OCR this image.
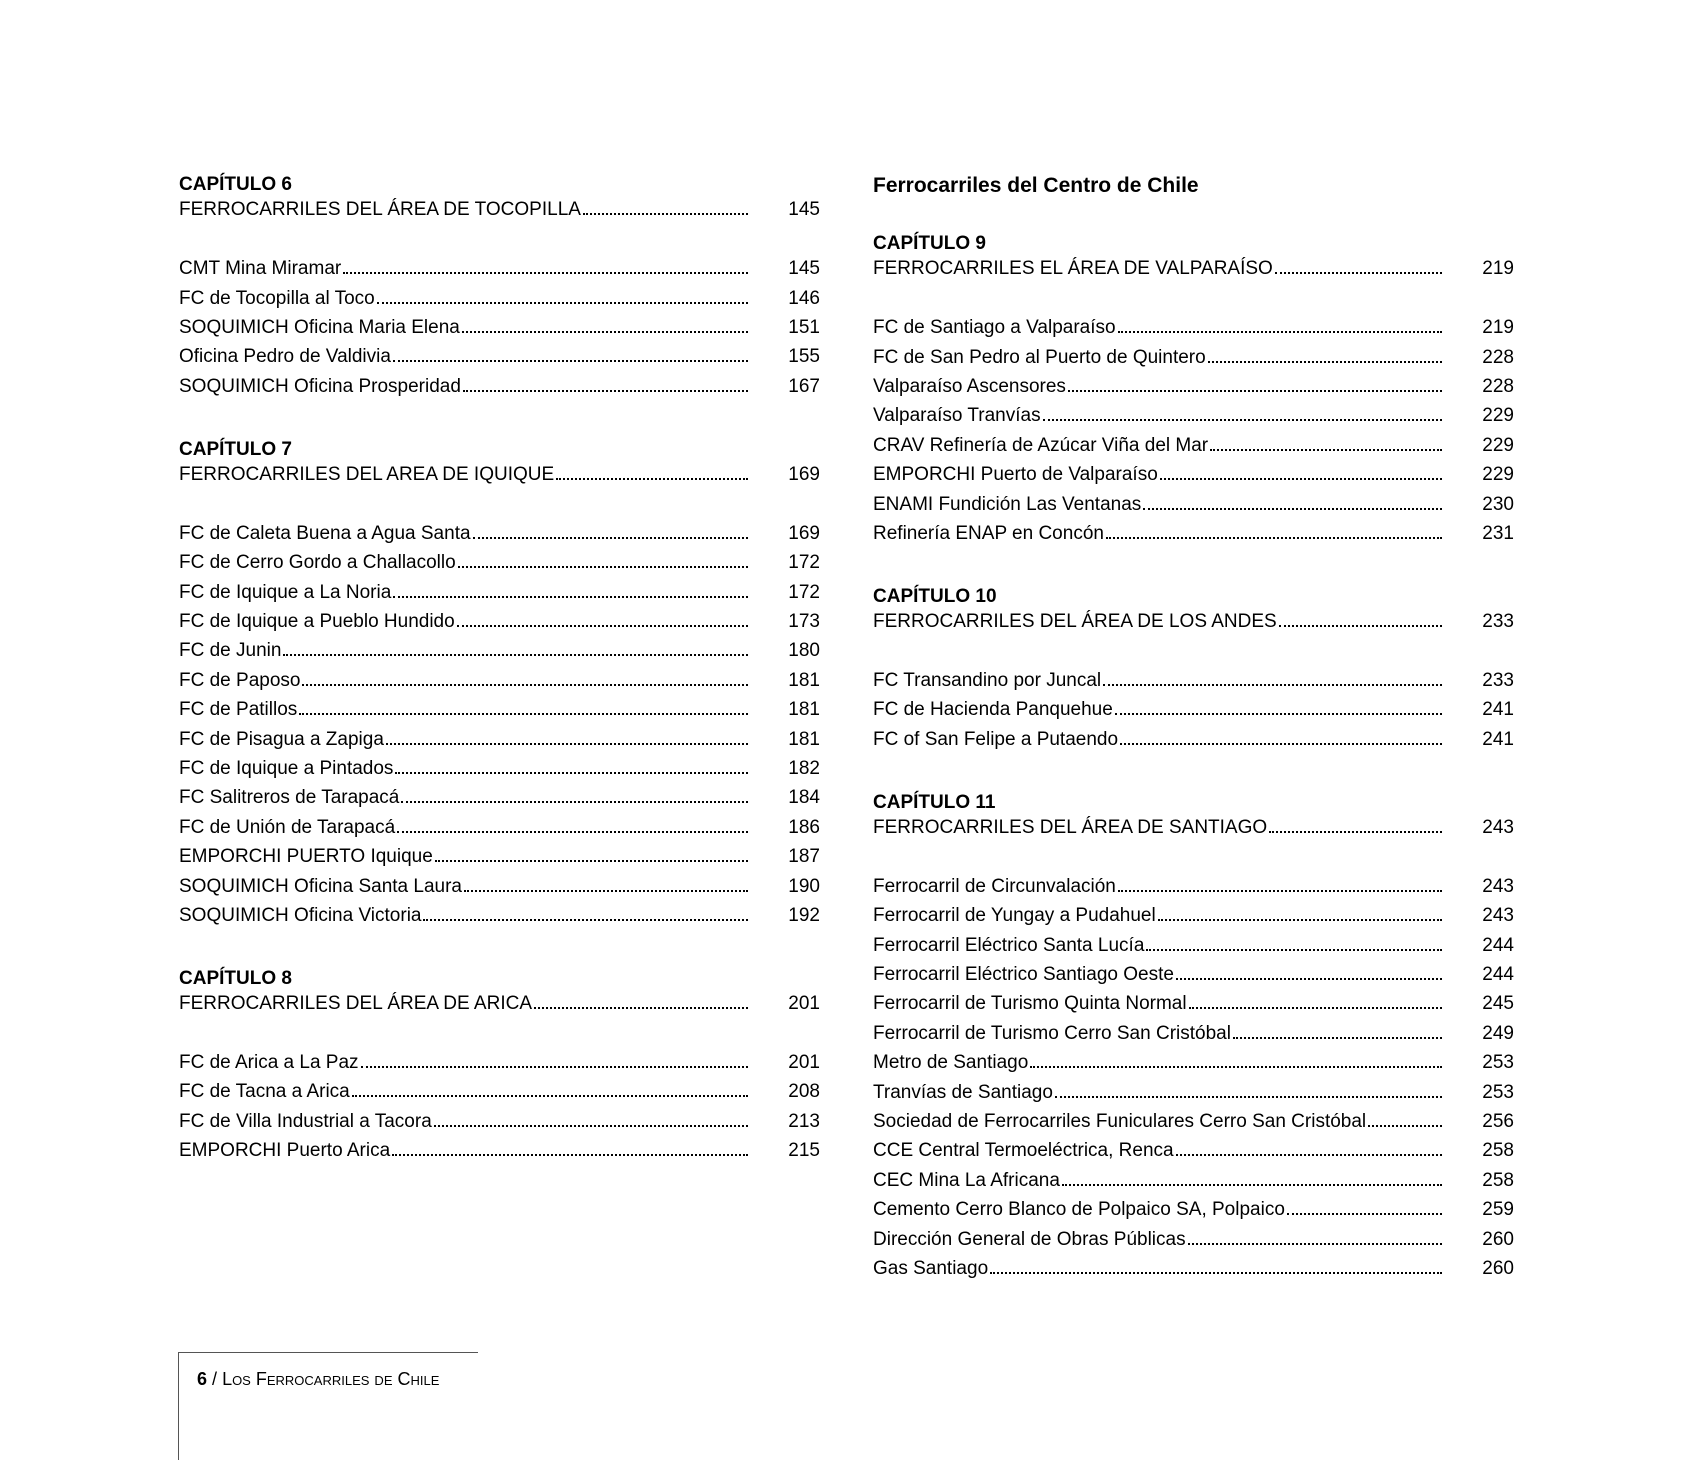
CAPÍTULO 6
FERROCARRILES DEL ÁREA DE TOCOPILLA	145
CMT Mina Miramar	145
FC de Tocopilla al Toco	146
SOQUIMICH Oficina Maria Elena	151
Oficina Pedro de Valdivia	155
SOQUIMICH Oficina Prosperidad	167
CAPÍTULO 7
FERROCARRILES DEL AREA DE IQUIQUE	169
FC de Caleta Buena a Agua Santa	169
FC de Cerro Gordo a Challacollo	172
FC de Iquique a La Noria	172
FC de Iquique a Pueblo Hundido	173
FC de Junin	180
FC de Paposo	181
FC de Patillos	181
FC de Pisagua a Zapiga	181
FC de Iquique a Pintados	182
FC Salitreros de Tarapacá	184
FC de Unión de Tarapacá	186
EMPORCHI PUERTO Iquique	187
SOQUIMICH Oficina Santa Laura	190
SOQUIMICH Oficina Victoria	192
CAPÍTULO 8
FERROCARRILES DEL ÁREA DE ARICA	201
FC de Arica a La Paz	201
FC de Tacna a Arica	208
FC de Villa Industrial a Tacora	213
EMPORCHI Puerto Arica	215
Ferrocarriles del Centro de Chile
CAPÍTULO 9
FERROCARRILES EL ÁREA DE VALPARAÍSO	219
FC de Santiago a Valparaíso	219
FC de San Pedro al Puerto de Quintero	228
Valparaíso Ascensores	228
Valparaíso Tranvías	229
CRAV Refinería de Azúcar Viña del Mar	229
EMPORCHI Puerto de Valparaíso	229
ENAMI Fundición Las Ventanas	230
Refinería ENAP en Concón	231
CAPÍTULO 10
FERROCARRILES DEL ÁREA DE LOS ANDES	233
FC Transandino por Juncal	233
FC de Hacienda Panquehue	241
FC of San Felipe a Putaendo	241
CAPÍTULO 11
FERROCARRILES DEL ÁREA DE SANTIAGO	243
Ferrocarril de Circunvalación	243
Ferrocarril de Yungay a Pudahuel	243
Ferrocarril Eléctrico Santa Lucía	244
Ferrocarril Eléctrico Santiago Oeste	244
Ferrocarril de Turismo Quinta Normal	245
Ferrocarril de Turismo Cerro San Cristóbal	249
Metro de Santiago	253
Tranvías de Santiago	253
Sociedad de Ferrocarriles Funiculares Cerro San Cristóbal	256
CCE Central Termoeléctrica, Renca	258
CEC Mina La Africana	258
Cemento Cerro Blanco de Polpaico SA, Polpaico	259
Dirección General de Obras Públicas	260
Gas Santiago	260
6 / Los Ferrocarriles de Chile
